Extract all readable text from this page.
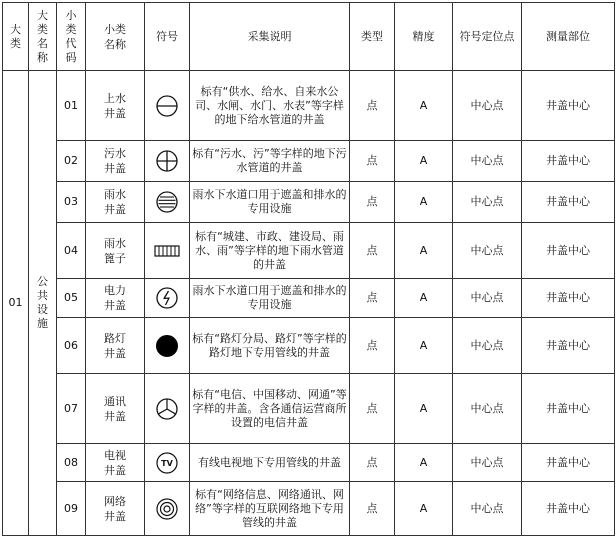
大类	大类名称	小类代码	小类名称	符号	采集说明	类型	精度	符号定位点	测量部位
01	公共设施	01	上水井盖		标有“供水、给水、自来水公司、水闸、水门、水表”等字样的地下给水管道的井盖	点	A	中心点	井盖中心
		02	污水井盖		标有“污水、污”等字样的地下污水管道的井盖	点	A	中心点	井盖中心
		03	雨水井盖		雨水下水道口用于遮盖和排水的专用设施	点	A	中心点	井盖中心
		04	雨水篦子		标有“城建、市政、建设局、雨水、雨”等字样的地下雨水管道的井盖	点	A	中心点	井盖中心
		05	电力井盖		雨水下水道口用于遮盖和排水的专用设施	点	A	中心点	井盖中心
		06	路灯井盖		标有“路灯分局、路灯”等字样的路灯地下专用管线的井盖	点	A	中心点	井盖中心
		07	通讯井盖		标有“电信、中国移动、网通”等字样的井盖。含各通信运营商所设置的电信井盖	点	A	中心点	井盖中心
		08	电视井盖	TV	有线电视地下专用管线的井盖	点	A	中心点	井盖中心
		09	网络井盖		标有“网络信息、网络通讯、网络”等字样的互联网络地下专用管线的井盖	点	A	中心点	井盖中心
